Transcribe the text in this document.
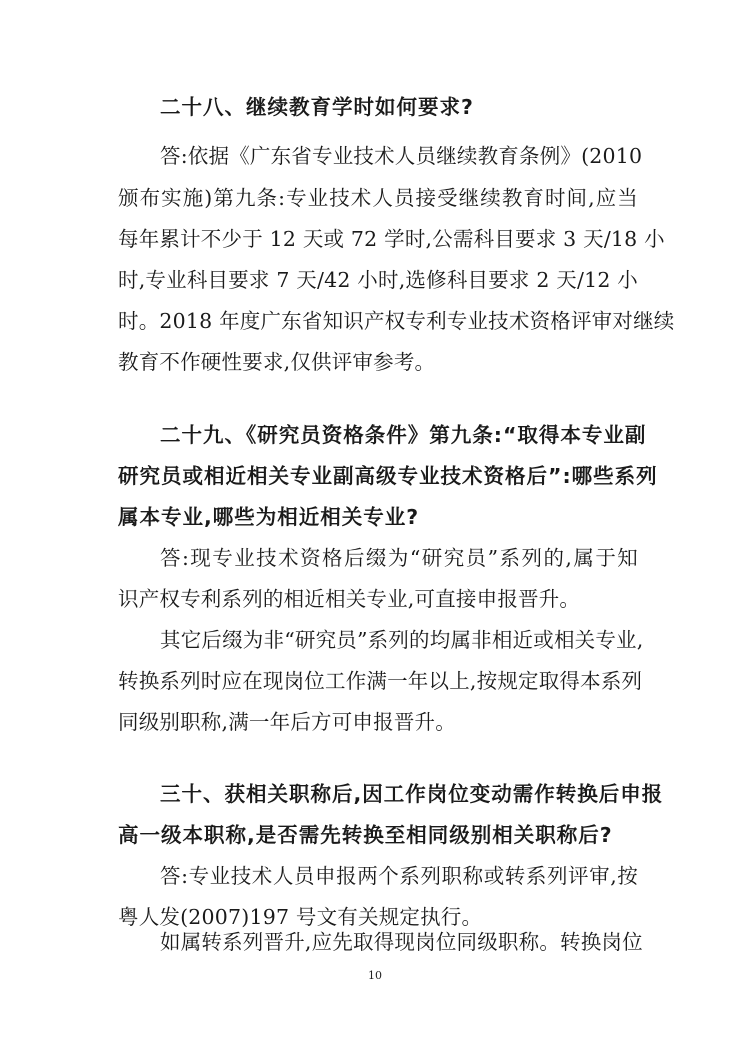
二十八、继续教育学时如何要求?
答:依据《广东省专业技术人员继续教育条例》(2010
颁布实施)第九条:专业技术人员接受继续教育时间,应当
每年累计不少于 12 天或 72 学时,公需科目要求 3 天/18 小
时,专业科目要求 7 天/42 小时,选修科目要求 2 天/12 小
时。2018 年度广东省知识产权专利专业技术资格评审对继续
教育不作硬性要求,仅供评审参考。
二十九、《研究员资格条件》第九条:“取得本专业副
研究员或相近相关专业副高级专业技术资格后”:哪些系列
属本专业,哪些为相近相关专业?
答:现专业技术资格后缀为“研究员”系列的,属于知
识产权专利系列的相近相关专业,可直接申报晋升。
其它后缀为非“研究员”系列的均属非相近或相关专业,
转换系列时应在现岗位工作满一年以上,按规定取得本系列
同级别职称,满一年后方可申报晋升。
三十、获相关职称后,因工作岗位变动需作转换后申报
高一级本职称,是否需先转换至相同级别相关职称后?
答:专业技术人员申报两个系列职称或转系列评审,按
粤人发(2007)197 号文有关规定执行。
如属转系列晋升,应先取得现岗位同级职称。转换岗位
10
